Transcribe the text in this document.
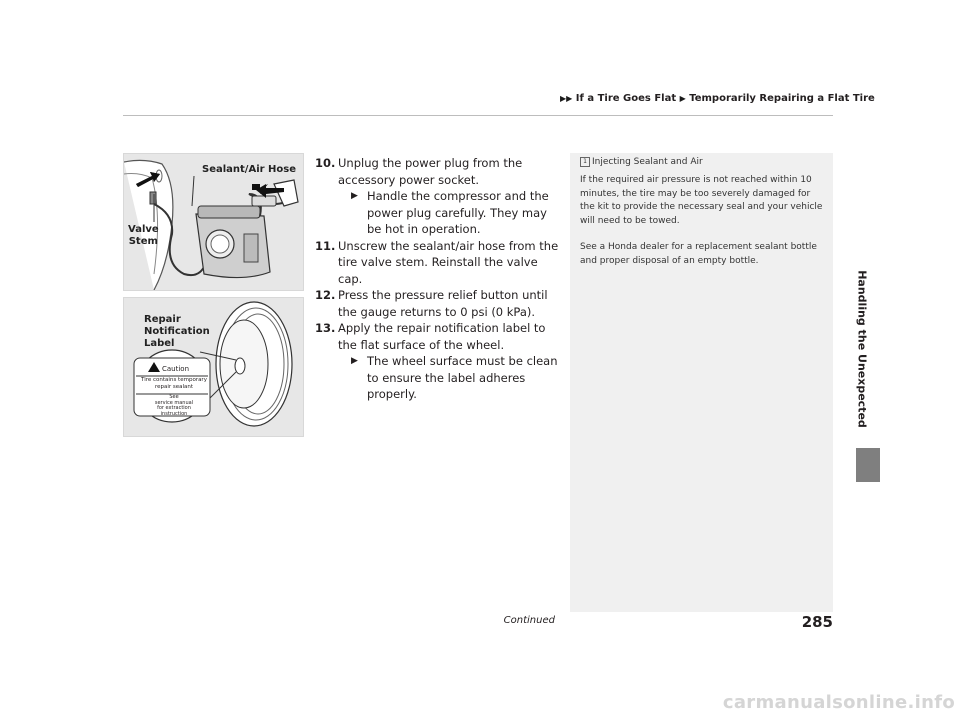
▶▶ If a Tire Goes Flat ▶ Temporarily Repairing a Flat Tire
Handling the Unexpected
Sealant/Air Hose
Valve
Stem
Repair
Notification
Label
Caution
Tire contains temporary
repair sealant
See
service manual
for extraction
instruction
10. Unplug the power plug from the accessory power socket.
▶ Handle the compressor and the power plug carefully. They may be hot in operation.
11. Unscrew the sealant/air hose from the tire valve stem. Reinstall the valve cap.
12. Press the pressure relief button until the gauge returns to 0 psi (0 kPa).
13. Apply the repair notification label to the flat surface of the wheel.
▶ The wheel surface must be clean to ensure the label adheres properly.
1 Injecting Sealant and Air
If the required air pressure is not reached within 10 minutes, the tire may be too severely damaged for the kit to provide the necessary seal and your vehicle will need to be towed.
See a Honda dealer for a replacement sealant bottle and proper disposal of an empty bottle.
Continued	285
carmanualsonline.info
